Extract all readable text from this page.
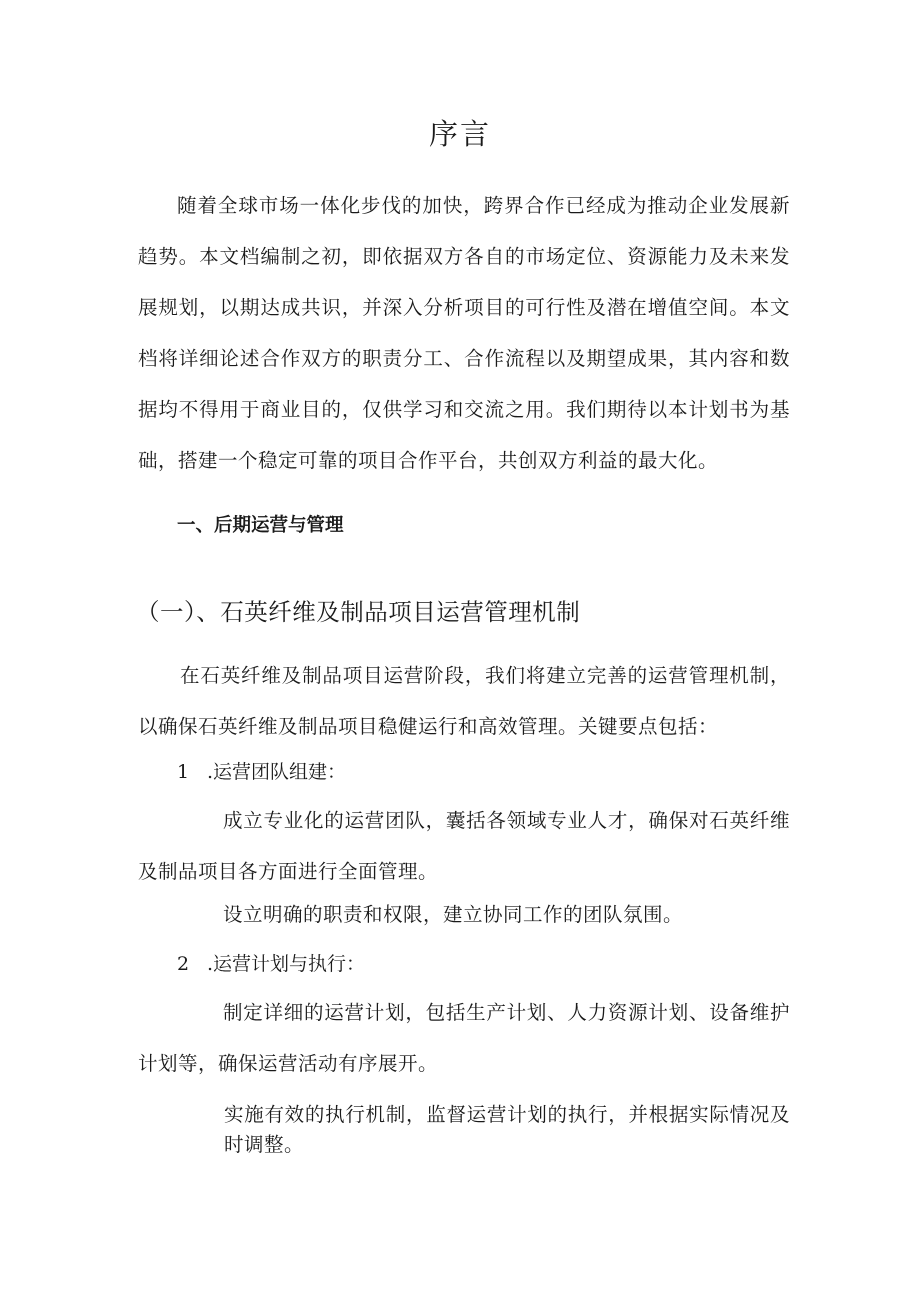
序言
随着全球市场一体化步伐的加快，跨界合作已经成为推动企业发展新趋势。本文档编制之初，即依据双方各自的市场定位、资源能力及未来发展规划，以期达成共识，并深入分析项目的可行性及潜在增值空间。本文档将详细论述合作双方的职责分工、合作流程以及期望成果，其内容和数据均不得用于商业目的，仅供学习和交流之用。我们期待以本计划书为基础，搭建一个稳定可靠的项目合作平台，共创双方利益的最大化。
一、后期运营与管理
（一）、石英纤维及制品项目运营管理机制
在石英纤维及制品项目运营阶段，我们将建立完善的运营管理机制，以确保石英纤维及制品项目稳健运行和高效管理。关键要点包括：
1 .运营团队组建：
成立专业化的运营团队，囊括各领域专业人才，确保对石英纤维及制品项目各方面进行全面管理。
设立明确的职责和权限，建立协同工作的团队氛围。
2 .运营计划与执行：
制定详细的运营计划，包括生产计划、人力资源计划、设备维护计划等，确保运营活动有序展开。
实施有效的执行机制，监督运营计划的执行，并根据实际情况及时调整。
